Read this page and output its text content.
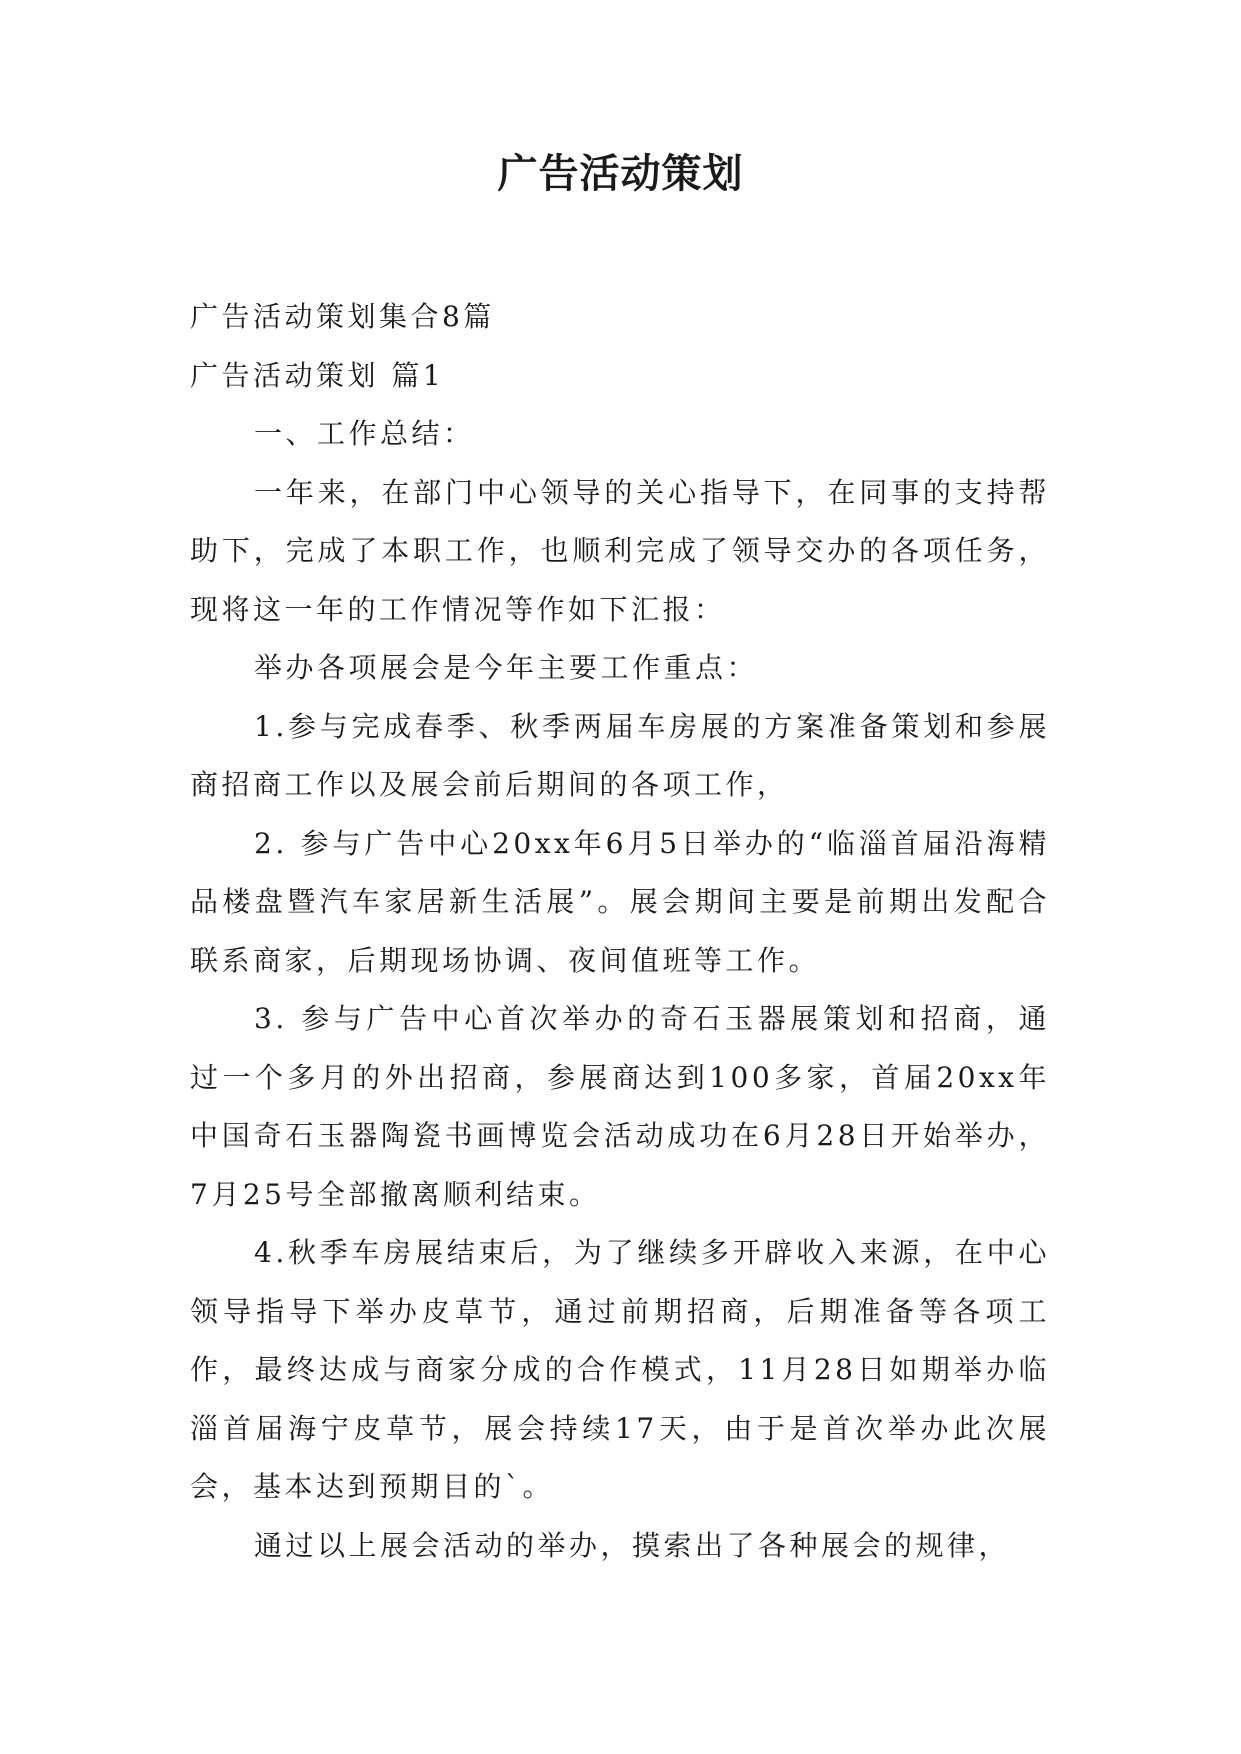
广告活动策划

广告活动策划集合8篇

广告活动策划 篇1

一、工作总结：

一年来，在部门中心领导的关心指导下，在同事的支持帮助下，完成了本职工作，也顺利完成了领导交办的各项任务，现将这一年的工作情况等作如下汇报：

举办各项展会是今年主要工作重点：

1.参与完成春季、秋季两届车房展的方案准备策划和参展商招商工作以及展会前后期间的各项工作，

2. 参与广告中心20xx年6月5日举办的“临淄首届沿海精品楼盘暨汽车家居新生活展”。展会期间主要是前期出发配合联系商家，后期现场协调、夜间值班等工作。

3. 参与广告中心首次举办的奇石玉器展策划和招商，通过一个多月的外出招商，参展商达到100多家，首届20xx年中国奇石玉器陶瓷书画博览会活动成功在6月28日开始举办，7月25号全部撤离顺利结束。

4.秋季车房展结束后，为了继续多开辟收入来源，在中心领导指导下举办皮草节，通过前期招商，后期准备等各项工作，最终达成与商家分成的合作模式，11月28日如期举办临淄首届海宁皮草节，展会持续17天，由于是首次举办此次展会，基本达到预期目的`。

通过以上展会活动的举办，摸索出了各种展会的规律，
